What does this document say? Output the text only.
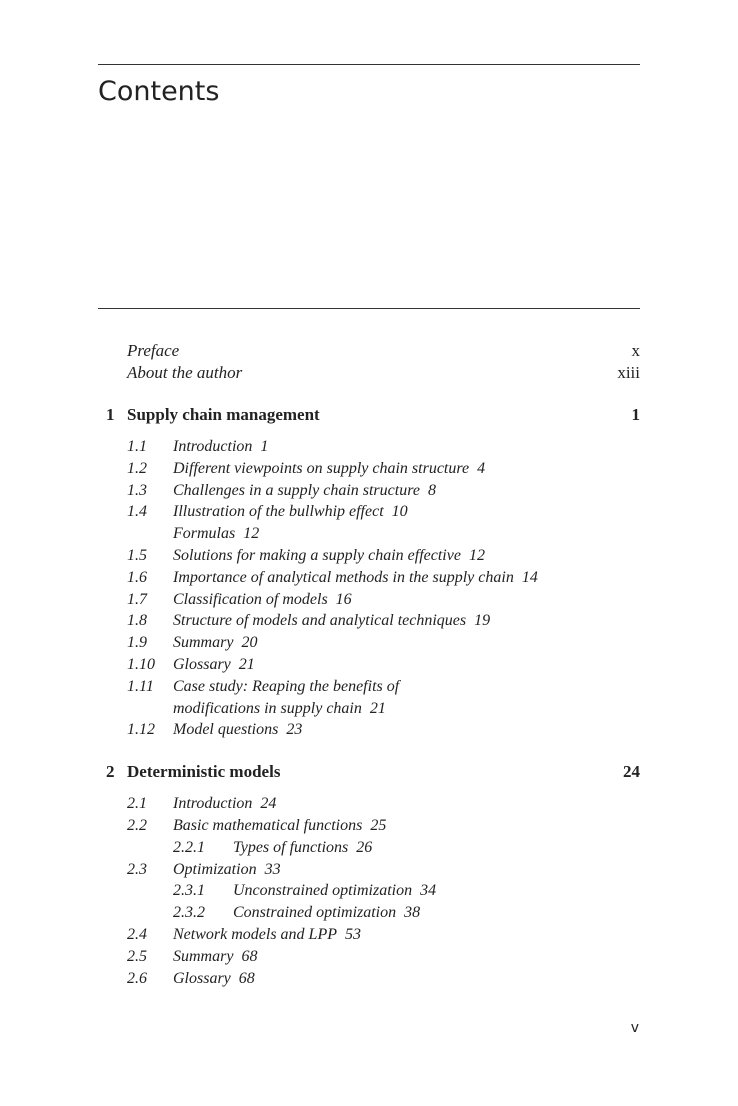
Contents
Preface	x
About the author	xiii
1 Supply chain management	1
1.1	Introduction 1
1.2	Different viewpoints on supply chain structure 4
1.3	Challenges in a supply chain structure 8
1.4	Illustration of the bullwhip effect 10
Formulas 12
1.5	Solutions for making a supply chain effective 12
1.6	Importance of analytical methods in the supply chain 14
1.7	Classification of models 16
1.8	Structure of models and analytical techniques 19
1.9	Summary 20
1.10	Glossary 21
1.11	Case study: Reaping the benefits of
modifications in supply chain 21
1.12	Model questions 23
2 Deterministic models	24
2.1	Introduction 24
2.2	Basic mathematical functions 25
2.2.1	Types of functions 26
2.3	Optimization 33
2.3.1	Unconstrained optimization 34
2.3.2	Constrained optimization 38
2.4	Network models and LPP 53
2.5	Summary 68
2.6	Glossary 68
v
